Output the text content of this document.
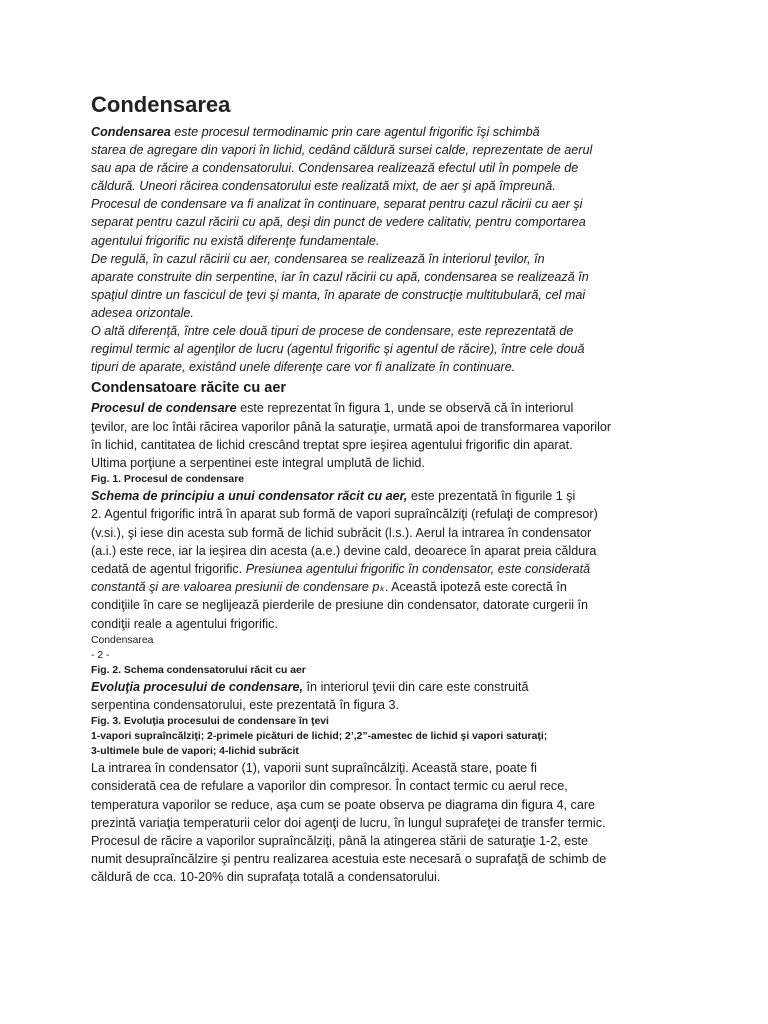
Condensarea

Condensarea este procesul termodinamic prin care agentul frigorific îşi schimbă
starea de agregare din vapori în lichid, cedând căldură sursei calde, reprezentate de aerul
sau apa de răcire a condensatorului. Condensarea realizează efectul util în pompele de
căldură. Uneori răcirea condensatorului este realizată mixt, de aer şi apă împreună.
Procesul de condensare va fi analizat în continuare, separat pentru cazul răcirii cu aer şi
separat pentru cazul răcirii cu apă, deşi din punct de vedere calitativ, pentru comportarea
agentului frigorific nu există diferenţe fundamentale.
De regulă, în cazul răcirii cu aer, condensarea se realizează în interiorul ţevilor, în
aparate construite din serpentine, iar în cazul răcirii cu apă, condensarea se realizează în
spaţiul dintre un fascicul de ţevi şi manta, în aparate de construcţie multitubulară, cel mai
adesea orizontale.
O altă diferenţă, între cele două tipuri de procese de condensare, este reprezentată de
regimul termic al agenţilor de lucru (agentul frigorific şi agentul de răcire), între cele două
tipuri de aparate, existând unele diferenţe care vor fi analizate în continuare.

Condensatoare răcite cu aer

Procesul de condensare este reprezentat în figura 1, unde se observă că în interiorul
ţevilor, are loc întâi răcirea vaporilor până la saturaţie, urmată apoi de transformarea vaporilor
în lichid, cantitatea de lichid crescând treptat spre ieşirea agentului frigorific din aparat.
Ultima porţiune a serpentinei este integral umplută de lichid.

Fig. 1. Procesul de condensare

Schema de principiu a unui condensator răcit cu aer, este prezentată în figurile 1 şi
2. Agentul frigorific intră în aparat sub formă de vapori supraîncălziţi (refulaţi de compresor)
(v.si.), şi iese din acesta sub formă de lichid subrăcit (l.s.). Aerul la intrarea în condensator
(a.i.) este rece, iar la ieşirea din acesta (a.e.) devine cald, deoarece în aparat preia căldura
cedată de agentul frigorific. Presiunea agentului frigorific în condensator, este considerată
constantă şi are valoarea presiunii de condensare pₖ. Această ipoteză este corectă în
condiţiile în care se neglijează pierderile de presiune din condensator, datorate curgerii în
condiţii reale a agentului frigorific.

Condensarea

- 2 -

Fig. 2. Schema condensatorului răcit cu aer

Evoluţia procesului de condensare, în interiorul ţevii din care este construită
serpentina condensatorului, este prezentată în figura 3.

Fig. 3. Evoluţia procesului de condensare în ţevi

1-vapori supraîncălziţi; 2-primele picături de lichid; 2’,2”-amestec de lichid şi vapori saturaţi;
3-ultimele bule de vapori; 4-lichid subrăcit

La intrarea în condensator (1), vaporii sunt supraîncălziţi. Această stare, poate fi
considerată cea de refulare a vaporilor din compresor. În contact termic cu aerul rece,
temperatura vaporilor se reduce, aşa cum se poate observa pe diagrama din figura 4, care
prezintă variaţia temperaturii celor doi agenţi de lucru, în lungul suprafeţei de transfer termic.
Procesul de răcire a vaporilor supraîncălziţi, până la atingerea stării de saturaţie 1-2, este
numit desupraîncălzire şi pentru realizarea acestuia este necesară o suprafaţă de schimb de
căldură de cca. 10-20% din suprafaţa totală a condensatorului.
